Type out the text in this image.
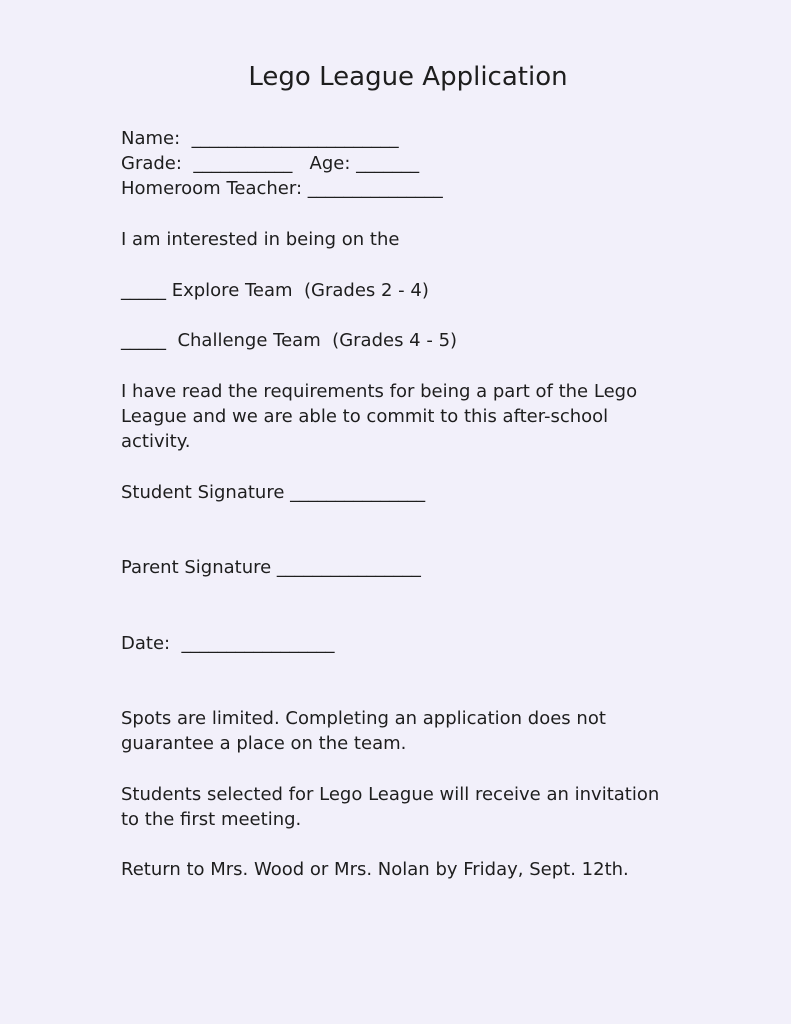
Lego League Application
Name:  _______________________
Grade:  ___________   Age: _______
Homeroom Teacher: _______________
I am interested in being on the
_____ Explore Team  (Grades 2 - 4)
_____  Challenge Team  (Grades 4 - 5)
I have read the requirements for being a part of the Lego
League and we are able to commit to this after-school
activity.
Student Signature _______________
Parent Signature ________________
Date:  _________________
Spots are limited. Completing an application does not
guarantee a place on the team.
Students selected for Lego League will receive an invitation
to the first meeting.
Return to Mrs. Wood or Mrs. Nolan by Friday, Sept. 12th.
